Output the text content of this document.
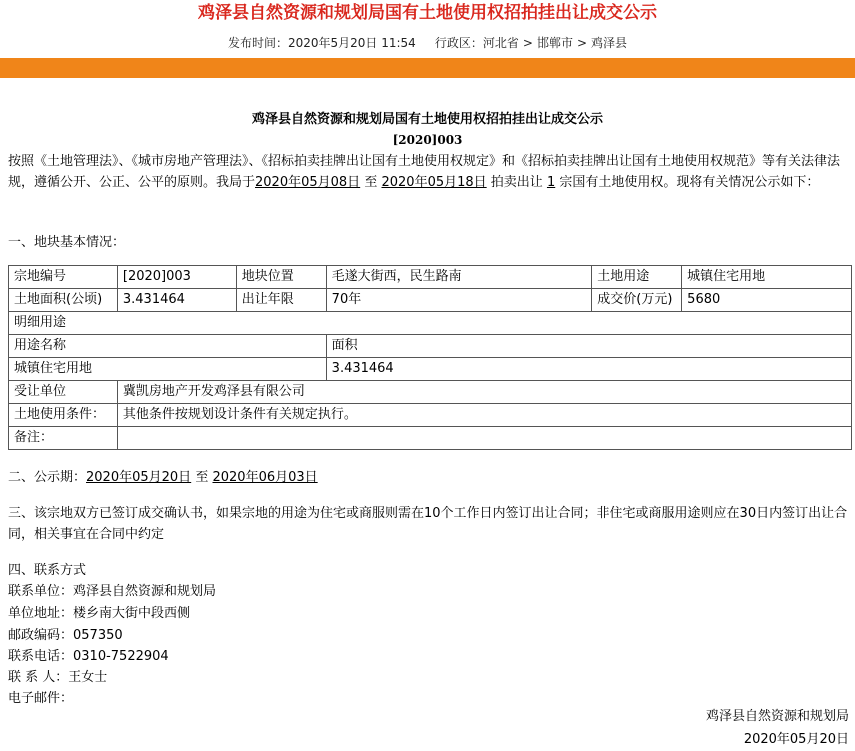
鸡泽县自然资源和规划局国有土地使用权招拍挂出让成交公示
发布时间：2020年5月20日 11:54 行政区：河北省 > 邯郸市 > 鸡泽县
鸡泽县自然资源和规划局国有土地使用权招拍挂出让成交公示
[2020]003
按照《土地管理法》、《城市房地产管理法》、《招标拍卖挂牌出让国有土地使用权规定》和《招标拍卖挂牌出让国有土地使用权规范》等有关法律法规，遵循公开、公正、公平的原则。我局于2020年05月08日 至 2020年05月18日 拍卖出让 1 宗国有土地使用权。现将有关情况公示如下：
一、地块基本情况：
宗地编号	[2020]003	地块位置	毛遂大街西，民生路南	土地用途	城镇住宅用地
土地面积(公顷)	3.431464	出让年限	70年	成交价(万元)	5680
明细用途					
用途名称			面积		
城镇住宅用地			3.431464		
受让单位	冀凯房地产开发鸡泽县有限公司				
土地使用条件：	其他条件按规划设计条件有关规定执行。				
备注：					
二、公示期：2020年05月20日 至 2020年06月03日
三、该宗地双方已签订成交确认书，如果宗地的用途为住宅或商服则需在10个工作日内签订出让合同；非住宅或商服用途则应在30日内签订出让合同，相关事宜在合同中约定
四、联系方式
联系单位：鸡泽县自然资源和规划局
单位地址：楼乡南大街中段西侧
邮政编码：057350
联系电话：0310-7522904
联 系 人：王女士
电子邮件：
鸡泽县自然资源和规划局
2020年05月20日
